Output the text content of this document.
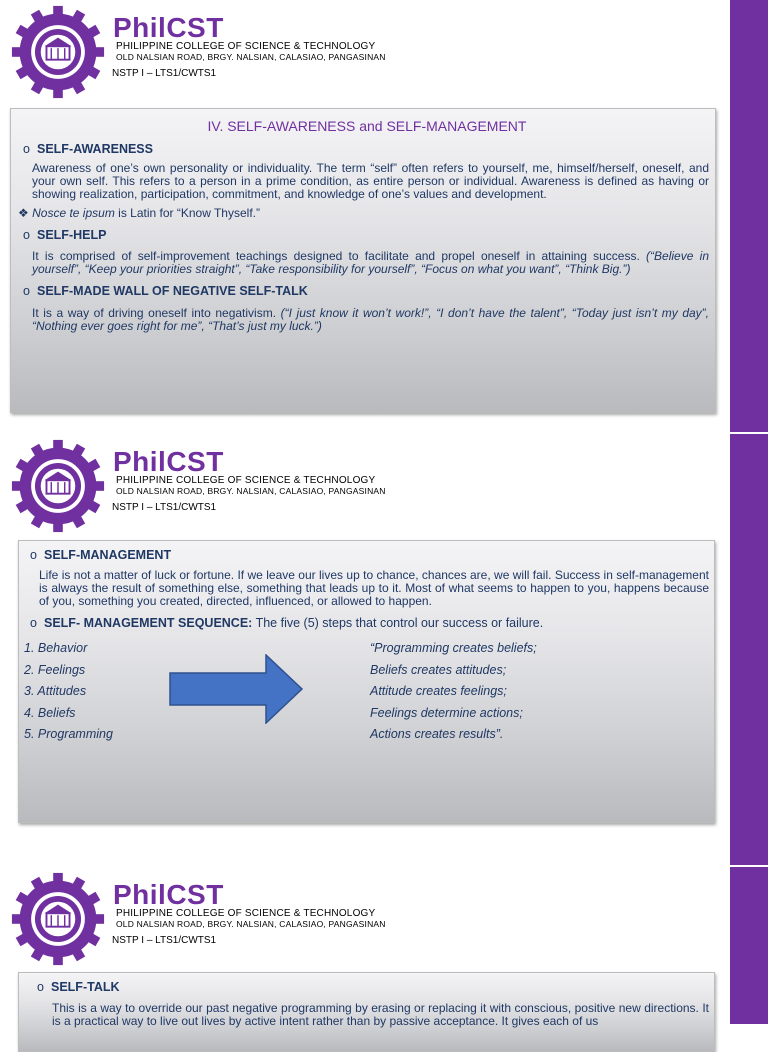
1994
PhilCST
PHILIPPINE COLLEGE OF SCIENCE & TECHNOLOGY
OLD NALSIAN ROAD, BRGY. NALSIAN, CALASIAO, PANGASINAN
NSTP I – LTS1/CWTS1
IV. SELF-AWARENESS and SELF-MANAGEMENT

o SELF-AWARENESS

Awareness of one’s own personality or individuality. The term “self” often refers to yourself, me, himself/herself, oneself, and your own self. This refers to a person in a prime condition, as entire person or individual. Awareness is defined as having or showing realization, participation, commitment, and knowledge of one’s values and development.

❖ Nosce te ipsum is Latin for “Know Thyself.”

o SELF-HELP

It is comprised of self-improvement teachings designed to facilitate and propel oneself in attaining success. (“Believe in yourself”, “Keep your priorities straight”, “Take responsibility for yourself”, “Focus on what you want”, “Think Big.”)

o SELF-MADE WALL OF NEGATIVE SELF-TALK

It is a way of driving oneself into negativism. (“I just know it won’t work!”, “I don’t have the talent”, “Today just isn’t my day”, “Nothing ever goes right for me”, “That’s just my luck.”)

1994
PhilCST
PHILIPPINE COLLEGE OF SCIENCE & TECHNOLOGY
OLD NALSIAN ROAD, BRGY. NALSIAN, CALASIAO, PANGASINAN
NSTP I – LTS1/CWTS1

o SELF-MANAGEMENT

Life is not a matter of luck or fortune. If we leave our lives up to chance, chances are, we will fail. Success in self-management is always the result of something else, something that leads up to it. Most of what seems to happen to you, happens because of you, something you created, directed, influenced, or allowed to happen.

o SELF- MANAGEMENT SEQUENCE: The five (5) steps that control our success or failure.

1. Behavior
2. Feelings
3. Attitudes
4. Beliefs
5. Programming
“Programming creates beliefs;
Beliefs creates attitudes;
Attitude creates feelings;
Feelings determine actions;
Actions creates results”.
1994
PhilCST
PHILIPPINE COLLEGE OF SCIENCE & TECHNOLOGY
OLD NALSIAN ROAD, BRGY. NALSIAN, CALASIAO, PANGASINAN
NSTP I – LTS1/CWTS1

o SELF-TALK

This is a way to override our past negative programming by erasing or replacing it with conscious, positive new directions. It is a practical way to live out lives by active intent rather than by passive acceptance. It gives each of us
